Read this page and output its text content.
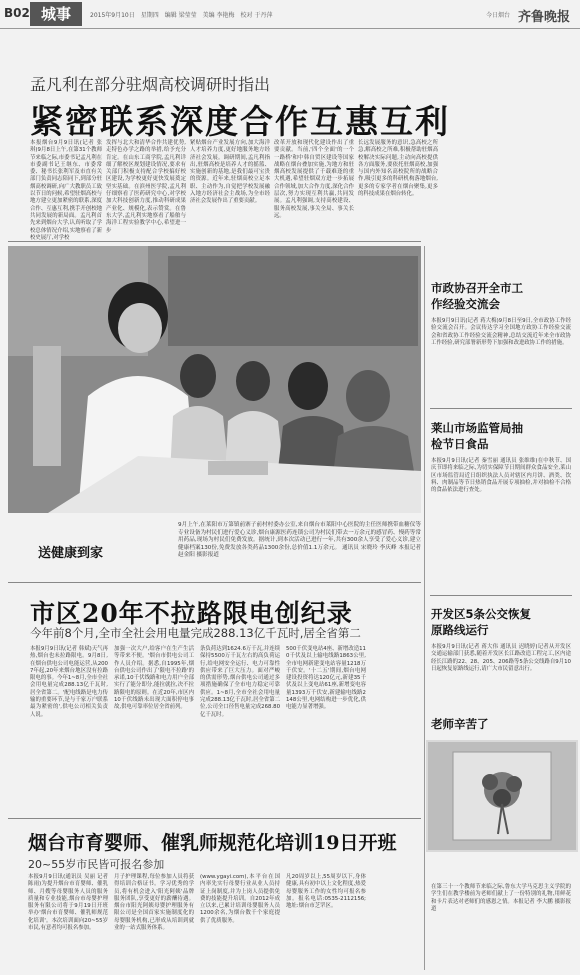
B02 城事	2015年9月10日　星期四　编辑 梁莹莹　美编 李艳梅　校对 于丹萍	今日烟台 齐鲁晚报
孟凡利在部分驻烟高校调研时指出
紧密联系深度合作互惠互利
本报烟台9月9日讯(记者 张琪)9月8日上午,在第31个教师节来临之际,市委书记孟凡利在市委副书记王继东、市委常委、秘书长张利军及市直有关部门负责同志陪同下,到部分驻烟高校调研,向广大教职员工致以节日的问候,希望驻烟高校与地方建立更加紧密的联系,深度合作、互惠互利,携手开创校地共同发展的新局面。孟凡利首先来到烟台大学,认真听取了学校总体情况介绍,实地察看了新校史展厅,对学校
发挥与北大和清华合作共建优势,走特色办学之路的举措,给予充分肯定。在山东工商学院,孟凡利详细了解校区规划建设情况,要求有关部门积极支持配合学校搞好校区建设,为学校更好更快发展奠定坚实基础。在滨州医学院,孟凡利仔细察看了医药研究中心,对学校加大科技创新力度,推动科研成果产业化、规模化,表示赞赏。在鲁东大学,孟凡利实地察看了船舶与海洋工程实验教学中心,希望进一步
紧贴烟台产业发展方向,加大海洋人才培养力度,更好地服务地方经济社会发展。调研期间,孟凡利指出,驻烟高校是培养人才的摇篮、实施创新的基地,是我们最可宝贵的资源。近年来,驻烟高校立足本职、主动作为,自觉把学校发展融入地方经济社会主战场,为全市经济社会发展作出了重要贡献。
改革开放和现代化建设作出了重要贡献。当前,'四个全面'的一个一路桥'和中韩自贸区建设等国家战略在烟台叠加实施,为地方和驻烟高校发展提供了千载难逢的重大机遇,希望驻烟双方进一步拓展合作领域,加大合作力度,深化合作层次,努力实现互利共赢,共同发展。孟凡利强调,支持高校建设、服务高校发展,事关全局、事关长远。
长远发展服务的意识,急高校之所急,解高校之所难,积极帮助驻烟高校解决实际问题,主动向高校提供各方面服务,要依托驻烟高校,加强与国内外知名高校院所的战略合作,吸引更多的科研机构落地烟台,更多的专家学者在烟台聚集,更多的科技成果在烟台转化。
送健康到家
9月上午,在莱阳市万第镇前寨子前村村委办公室,来自烟台市莱阳中心医院的主任医师携带血糖仪等专业设备为村民们进行爱心义诊,烟台康源医药连锁公司为村民们带去一万余元的感冒药、慢药等常用药品,现场为村民们免费发放。据统计,到本次活动已进行一年,共有300余人享受了爱心义诊,建立健康档案130份,免费发放各类药品1300余份,总价值1.1万余元。 通讯员 宋晓玲 李庆峰 本报记者 赵金阳 摄影报道
市区20年不拉路限电创纪录
今年前8个月,全市全社会用电量完成288.13亿千瓦时,居全省第二
本报9月9日讯(记者 韩斌)天气再热,烟台也未拉路限电。9月8日,在烟台供电公司电能运营,从2007年起,20年来烟台地区没有拉路限电的事。今年1~8月,全市全社会用电量完成288.13亿千瓦时,居全省第二。'配电线路是电力传输的重要环节,是与千家万户联系最为紧密的',供电公司相关负责人说。
加强一次大户,给客户在生产生活等带来不便。'烟台市供电公司工作人员介绍。据悉,自1995年,烟台供电公司作出了'限电不拉路'的承诺,10千伏线路和电力用户全部实行了能分即分,能拉就拉,决不拉路限电的原则。在近20年,市区内10千伏线路未出现大面积停电事故,供电可靠率位居全省前列。
条负荷达到1624.6万千瓦,并连续保持5500万千瓦左右的高负荷运行,给电网安全运行、电力可靠性供应带来了巨大压力。面对严峻的供需形势,烟台供电公司通过多项措施确保了全市电力稳定可靠供应。1~8月,全市全社会用电量完成288.13亿千瓦时,居全省第二位,公司全口径售电量完成268.80亿千瓦时。
500千伏变电站4座、新增改造110千伏及以上输电线路1863公里,全市电网新建变电站容量1218万千伏安。'十二五'期间,烟台电网建设投资将达120亿元,新建35千伏及以上变电站61座,新增变电容量1393万千伏安,新建输电线路2148公里,电网结构进一步优化,供电能力显著增强。
烟台市育婴师、催乳师规范化培训19日开班
20~55岁市民皆可报名参加
本报9月9日讯(通讯员 吴丽 记者 陈雨)为提升烟台市育婴师、催乳师、月嫂等母婴服务人员的服务质量和专业技能,烟台市母婴护理服务有限公司将于9月19日开班举办'烟台市育婴师、催乳师规范化培训'。本次培训面向20~55岁市民,有意者均可报名参加。
月子护理课程,每位参加人员将获得培训合格证书。学习优秀的学员,将有机会进入'阳光阿姨'品牌服务团队,享受更好的薪酬待遇。烟台市阳光阿姨母婴护理服务有限公司是全国首家实施制度化的母婴服务机构,已形成从培训到就业的一站式服务体系。
(www.ygayi.com),本平台在国内率先实行母婴行业从业人员持证上岗制度,并为上岗人员提供免费的技能提升培训。自2012年成立以来,已累计培训母婴服务人员1200余名,为烟台数千个家庭提供了优质服务。
凡20周岁以上,55周岁以下,身体健康,具有初中以上文化程度,热爱母婴服务工作的女性均可报名参加。报名电话:0535-2112156;地址:烟台市芝罘区。
市政协召开全市工作经验交流会
本报9月9日讯(记者 蒋大梅)9月8日至9日,全市政协工作经验交流会召开。会议传达学习全国地方政协工作经验交流会和省政协工作经验交流会精神,总结交流近年来全市政协工作经验,研究部署新形势下加强和改进政协工作的措施。
莱山市场监管局抽检节日食品
本报9月9日讯(记者 秦雪丽 通讯员 张维维)在中秋节、国庆节即将来临之际,为切实保障节日期间群众食品安全,莱山区市场监管局近日组织执法人员对辖区内月饼、酒类、饮料、肉制品等节日热销食品开展专项抽检,并对抽检不合格的食品依法进行查处。
开发区5条公交恢复原路线运行
本报9月9日讯(记者 蒋大伟 通讯员 迟晓婷)记者从开发区交通运输部门获悉,随着开发区长江路改造工程完工,区内途经长江路的22、28、205、206路等5条公交线路自9月10日起恢复原路线运行,请广大市民留意出行。
老师辛苦了
在第三十一个教师节来临之际,鲁东大学马克思主义学院的学生们在教学楼前为老师们献上了一份特别的礼物,用鲜花和卡片表达对老师们的感恩之情。本报记者 李大鹏 摄影报道
